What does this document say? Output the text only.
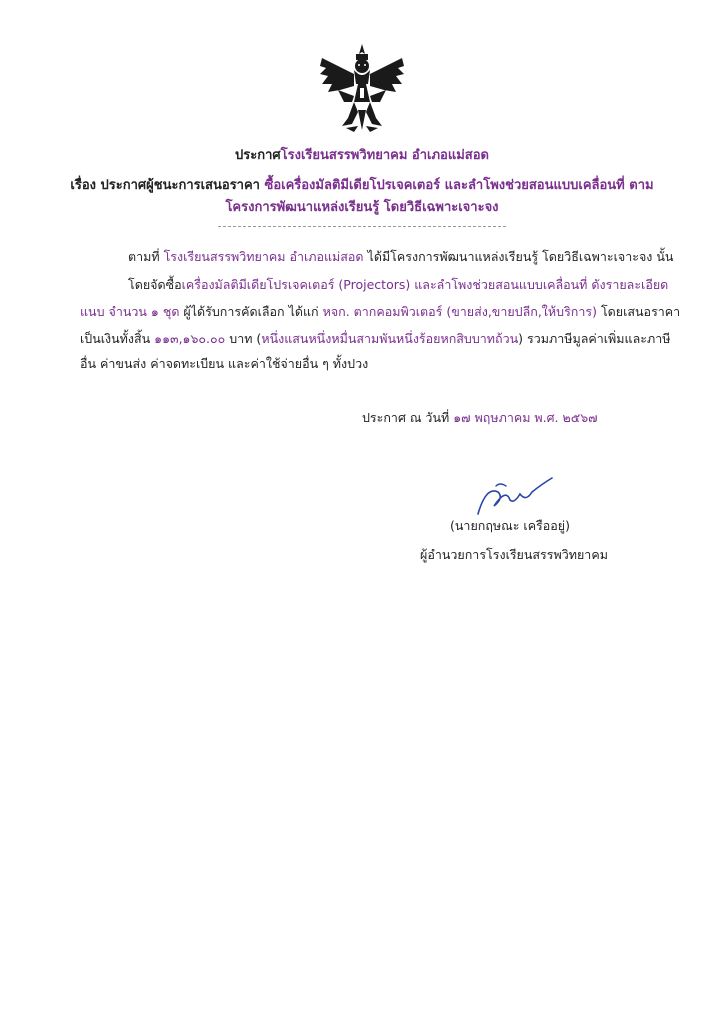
ประกาศโรงเรียนสรรพวิทยาคม อำเภอแม่สอด
เรื่อง ประกาศผู้ชนะการเสนอราคา ซื้อเครื่องมัลติมีเดียโปรเจคเตอร์ และลำโพงช่วยสอนแบบเคลื่อนที่ ตาม
โครงการพัฒนาแหล่งเรียนรู้ โดยวิธีเฉพาะเจาะจง
ตามที่ โรงเรียนสรรพวิทยาคม อำเภอแม่สอด ได้มีโครงการพัฒนาแหล่งเรียนรู้ โดยวิธีเฉพาะเจาะจง นั้น
โดยจัดซื้อเครื่องมัลติมีเดียโปรเจคเตอร์ (Projectors) และลำโพงช่วยสอนแบบเคลื่อนที่ ดังรายละเอียด
แนบ จำนวน ๑ ชุด ผู้ได้รับการคัดเลือก ได้แก่ หจก. ตากคอมพิวเตอร์ (ขายส่ง,ขายปลีก,ให้บริการ) โดยเสนอราคา
เป็นเงินทั้งสิ้น ๑๑๓,๑๖๐.๐๐ บาท (หนึ่งแสนหนึ่งหมื่นสามพันหนึ่งร้อยหกสิบบาทถ้วน) รวมภาษีมูลค่าเพิ่มและภาษี
อื่น ค่าขนส่ง ค่าจดทะเบียน และค่าใช้จ่ายอื่น ๆ ทั้งปวง
ประกาศ ณ วันที่ ๑๗ พฤษภาคม พ.ศ. ๒๕๖๗
(นายกฤษณะ เครืออยู่)
ผู้อำนวยการโรงเรียนสรรพวิทยาคม
